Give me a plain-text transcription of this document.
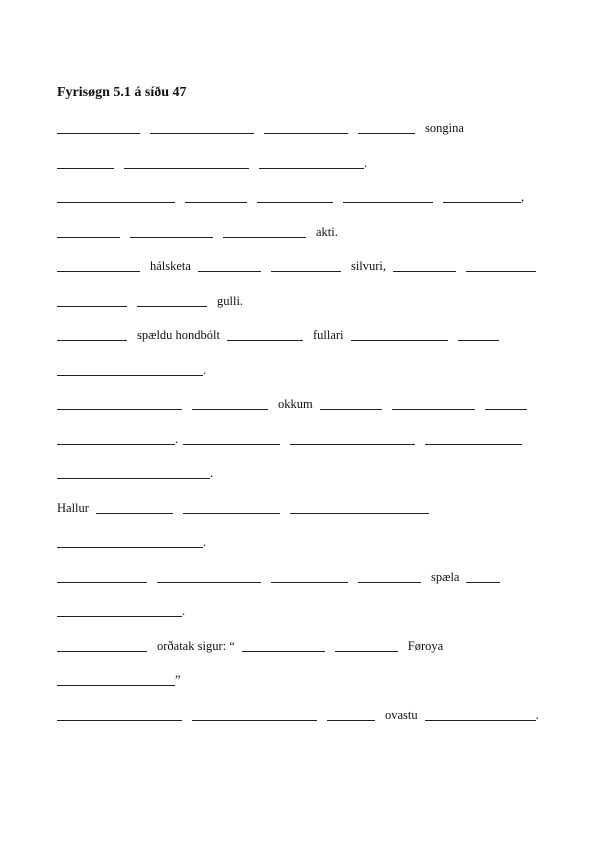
Fyrisøgn 5.1 á síðu 47
songina
.
,
akti.
hálsketa	silvuri,
gulli.
spældu hondbólt	fullari
.
okkum
.
.
Hallur
.
spæla
.
orðatak sigur: “	Føroya
”
ovastu	.
